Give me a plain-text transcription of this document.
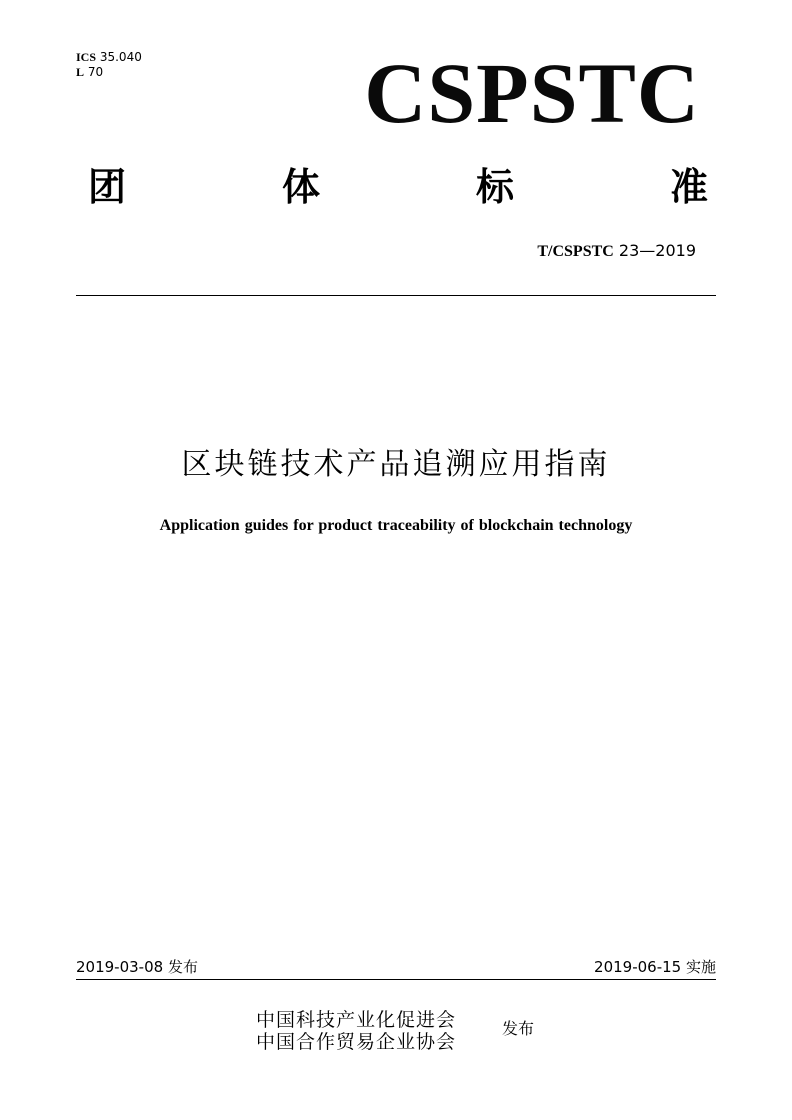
ICS 35.040
L 70	CSPSTC
团	体	标	准
T/CSPSTC 23—2019
区块链技术产品追溯应用指南
Application guides for product traceability of blockchain technology
2019-03-08 发布	2019-06-15 实施
中国科技产业化促进会
中国合作贸易企业协会
发布
